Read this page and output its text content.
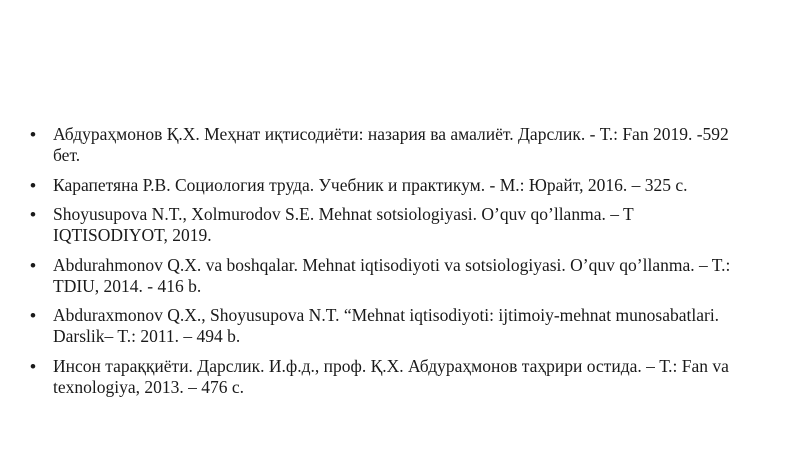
• Абдураҳмонов Қ.Х. Меҳнат иқтисодиёти: назария ва амалиёт. Дарслик. - Т.: Fan 2019. -592 бет.
• Карапетяна Р.В. Социология труда. Учебник и практикум. - М.: Юрайт, 2016. – 325 с.
• Shoyusupova N.T., Xolmurodov S.E. Mehnat sotsiologiyasi. O’quv qo’llanma. – T IQTISODIYOT, 2019.
• Abdurahmonov Q.X. va boshqalar. Mehnat iqtisodiyoti va sotsiologiyasi. O’quv qo’llanma. – T.: TDIU, 2014. - 416 b.
• Abduraxmonov Q.X., Shoyusupova N.T. “Mehnat iqtisodiyoti: ijtimoiy-mehnat munosabatlari. Darslik– T.: 2011. – 494 b.
• Инсон тараққиёти. Дарслик. И.ф.д., проф. Қ.Х. Абдураҳмонов таҳрири остида. – Т.: Fan va texnologiya, 2013. – 476 с.
